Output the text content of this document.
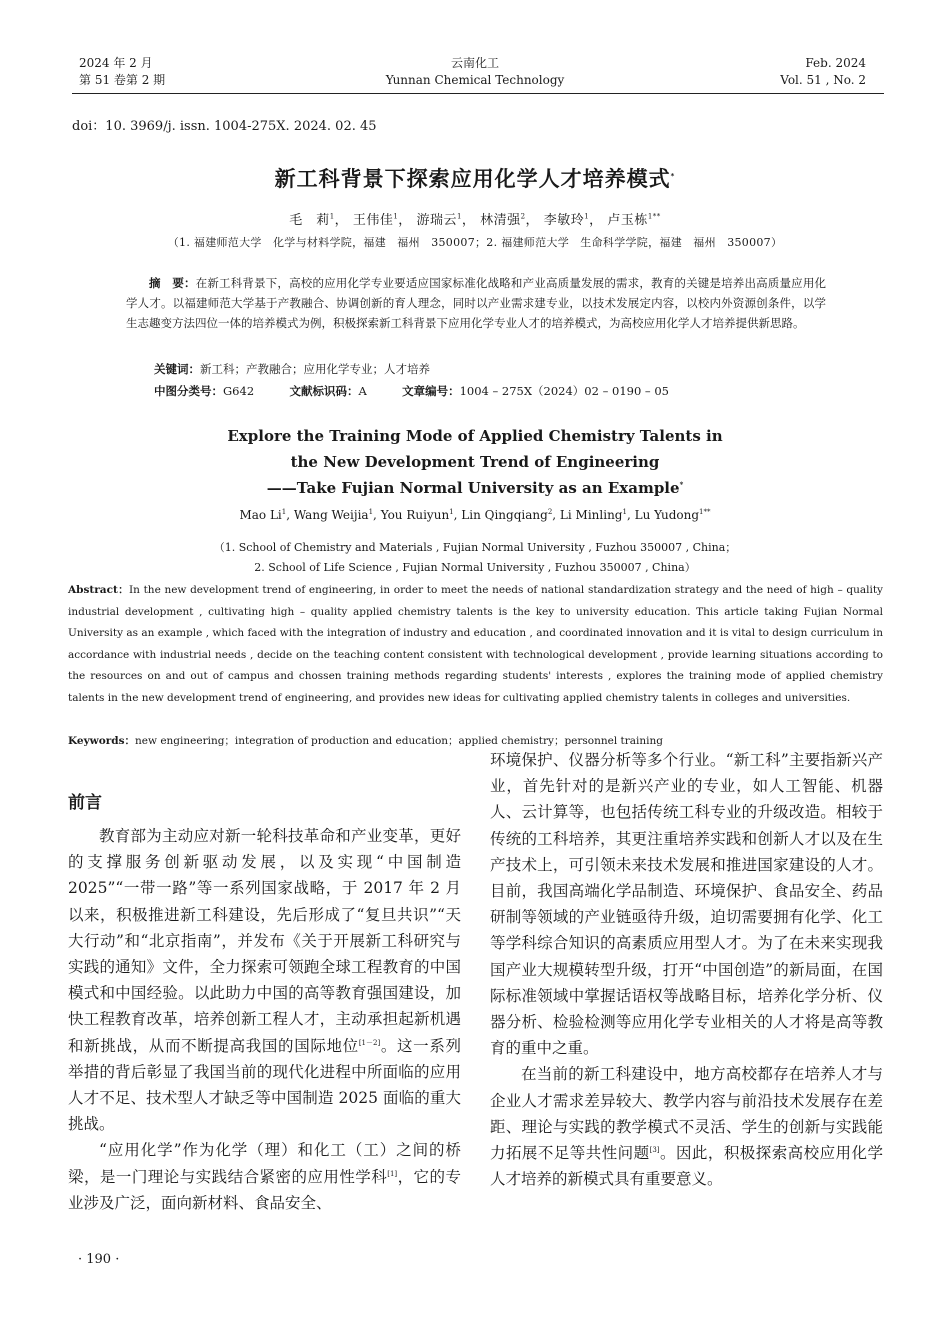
2024 年 2 月
第 51 卷第 2 期
云南化工
Yunnan Chemical Technology
Feb. 2024
Vol. 51 , No. 2
doi：10. 3969/j. issn. 1004-275X. 2024. 02. 45
新工科背景下探索应用化学人才培养模式*
毛　莉$^1$， 王伟佳$^1$， 游瑞云$^1$， 林清强$^2$， 李敏玲$^1$， 卢玉栋$^{1**}$
（1. 福建师范大学　化学与材料学院，福建　福州　350007；2. 福建师范大学　生命科学学院，福建　福州　350007）

摘　要：在新工科背景下，高校的应用化学专业要适应国家标准化战略和产业高质量发展的需求，教育的关键是培养出高质量应用化学人才。以福建师范大学基于产教融合、协调创新的育人理念，同时以产业需求建专业，以技术发展定内容，以校内外资源创条件，以学生志趣变方法四位一体的培养模式为例，积极探索新工科背景下应用化学专业人才的培养模式，为高校应用化学人才培养提供新思路。

关键词：新工科；产教融合；应用化学专业；人才培养
中图分类号：G642	文献标识码：A	文章编号：1004 – 275X（2024）02 – 0190 – 05
Explore the Training Mode of Applied Chemistry Talents in
the New Development Trend of Engineering
——Take Fujian Normal University as an Example*
Mao Li$^1$, Wang Weijia$^1$, You Ruiyun$^1$, Lin Qingqiang$^2$, Li Minling$^1$, Lu Yudong$^{1**}$
（1. School of Chemistry and Materials , Fujian Normal University , Fuzhou 350007 , China；
2. School of Life Science , Fujian Normal University , Fuzhou 350007 , China）
Abstract：In the new development trend of engineering, in order to meet the needs of national standardization strategy and the need of high – quality industrial development , cultivating high – quality applied chemistry talents is the key to university education. This article taking Fujian Normal University as an example , which faced with the integration of industry and education , and coordinated innovation and it is vital to design curriculum in accordance with industrial needs , decide on the teaching content consistent with technological development , provide learning situations according to the resources on and out of campus and chossen training methods regarding students' interests , explores the training mode of applied chemistry talents in the new development trend of engineering, and provides new ideas for cultivating applied chemistry talents in colleges and universities.
Keywords：new engineering；integration of production and education；applied chemistry；personnel training
前言

教育部为主动应对新一轮科技革命和产业变革，更好的支撑服务创新驱动发展，以及实现“中国制造 2025”“一带一路”等一系列国家战略，于 2017 年 2 月以来，积极推进新工科建设，先后形成了“复旦共识”“天大行动”和“北京指南”，并发布《关于开展新工科研究与实践的通知》文件，全力探索可领跑全球工程教育的中国模式和中国经验。以此助力中国的高等教育强国建设，加快工程教育改革，培养创新工程人才，主动承担起新机遇和新挑战，从而不断提高我国的国际地位[1－2]。这一系列举措的背后彰显了我国当前的现代化进程中所面临的应用人才不足、技术型人才缺乏等中国制造 2025 面临的重大挑战。

“应用化学”作为化学（理）和化工（工）之间的桥梁，是一门理论与实践结合紧密的应用性学科[1]，它的专业涉及广泛，面向新材料、食品安全、

环境保护、仪器分析等多个行业。“新工科”主要指新兴产业，首先针对的是新兴产业的专业，如人工智能、机器人、云计算等，也包括传统工科专业的升级改造。相较于传统的工科培养，其更注重培养实践和创新人才以及在生产技术上，可引领未来技术发展和推进国家建设的人才。目前，我国高端化学品制造、环境保护、食品安全、药品研制等领域的产业链亟待升级，迫切需要拥有化学、化工等学科综合知识的高素质应用型人才。为了在未来实现我国产业大规模转型升级，打开“中国创造”的新局面，在国际标准领域中掌握话语权等战略目标，培养化学分析、仪器分析、检验检测等应用化学专业相关的人才将是高等教育的重中之重。

在当前的新工科建设中，地方高校都存在培养人才与企业人才需求差异较大、教学内容与前沿技术发展存在差距、理论与实践的教学模式不灵活、学生的创新与实践能力拓展不足等共性问题[3]。因此，积极探索高校应用化学人才培养的新模式具有重要意义。

· 190 ·
